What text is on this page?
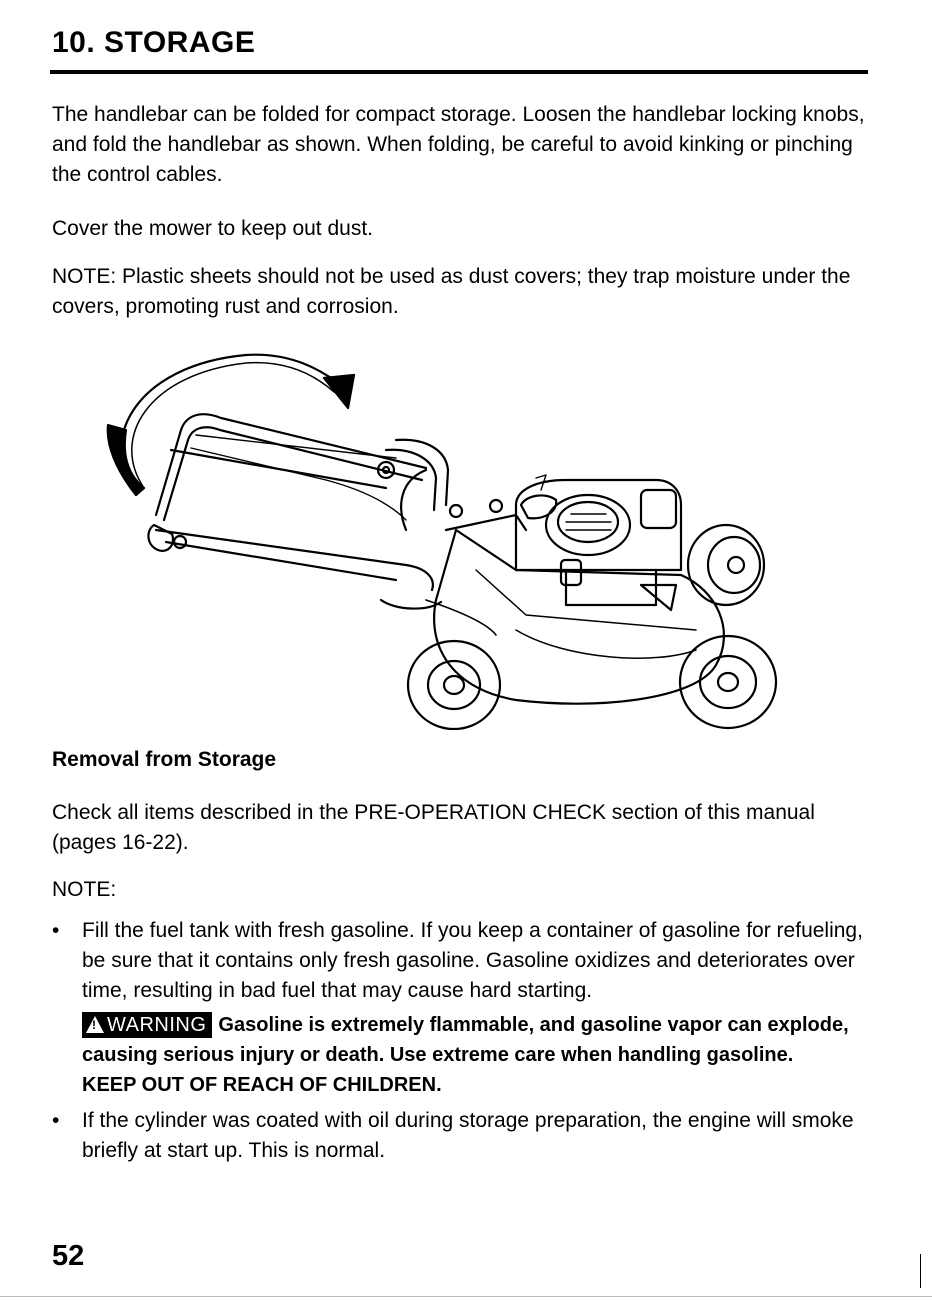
10. STORAGE

The handlebar can be folded for compact storage. Loosen the handlebar locking knobs, and fold the handlebar as shown. When folding, be careful to avoid kinking or pinching the control cables.

Cover the mower to keep out dust.

NOTE: Plastic sheets should not be used as dust covers; they trap moisture under the covers, promoting rust and corrosion.

Removal from Storage

Check all items described in the PRE-OPERATION CHECK section of this manual (pages 16-22).

NOTE:
•	Fill the fuel tank with fresh gasoline. If you keep a container of gasoline for refueling, be sure that it contains only fresh gasoline. Gasoline oxidizes and deteriorates over time, resulting in bad fuel that may cause hard starting.
!WARNING Gasoline is extremely flammable, and gasoline vapor can explode, causing serious injury or death. Use extreme care when handling gasoline.
KEEP OUT OF REACH OF CHILDREN.
•	If the cylinder was coated with oil during storage preparation, the engine will smoke briefly at start up. This is normal.
52
